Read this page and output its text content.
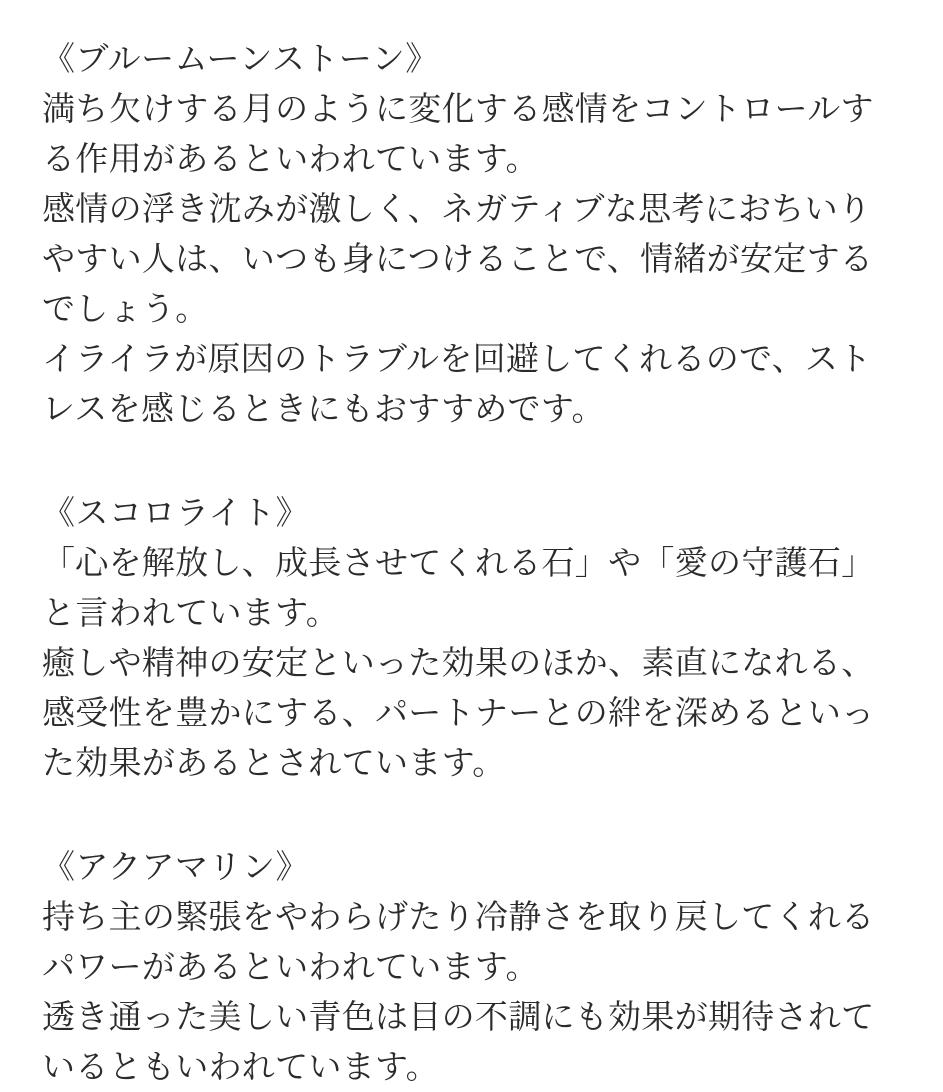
《ブルームーンストーン》
満ち欠けする月のように変化する感情をコントロールする作用があるといわれています。
感情の浮き沈みが激しく、ネガティブな思考におちいりやすい人は、いつも身につけることで、情緒が安定するでしょう。
イライラが原因のトラブルを回避してくれるので、ストレスを感じるときにもおすすめです。
《スコロライト》
「心を解放し、成長させてくれる石」や「愛の守護石」と言われています。
癒しや精神の安定といった効果のほか、素直になれる、感受性を豊かにする、パートナーとの絆を深めるといった効果があるとされています。
《アクアマリン》
持ち主の緊張をやわらげたり冷静さを取り戻してくれるパワーがあるといわれています。
透き通った美しい青色は目の不調にも効果が期待されているともいわれています。
